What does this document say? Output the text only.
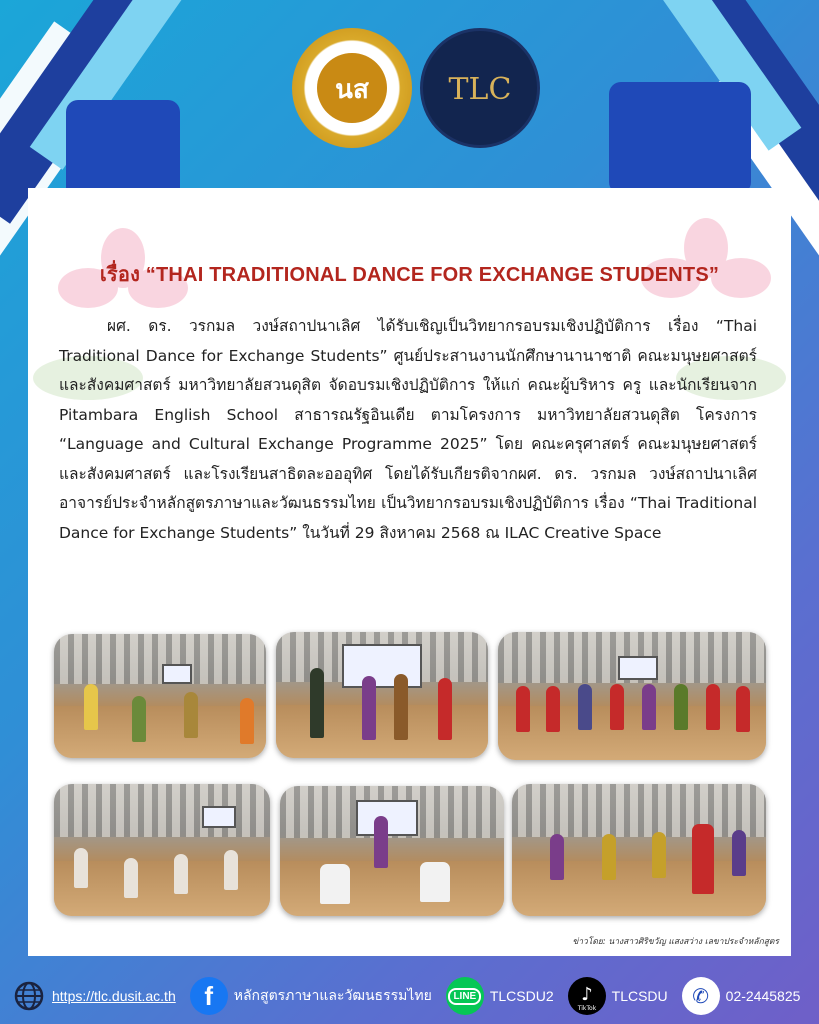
เรื่อง “THAI TRADITIONAL DANCE FOR EXCHANGE STUDENTS”
ผศ. ดร. วรกมล วงษ์สถาปนาเลิศ ได้รับเชิญเป็นวิทยากรอบรมเชิงปฏิบัติการ เรื่อง “Thai Traditional Dance for Exchange Students” ศูนย์ประสานงานนักศึกษานานาชาติ คณะมนุษยศาสตร์และสังคมศาสตร์ มหาวิทยาลัยสวนดุสิต จัดอบรมเชิงปฏิบัติการ ให้แก่ คณะผู้บริหาร ครู และนักเรียนจาก Pitambara English School สาธารณรัฐอินเดีย ตามโครงการ มหาวิทยาลัยสวนดุสิต โครงการ “Language and Cultural Exchange Programme 2025” โดย คณะครุศาสตร์ คณะมนุษยศาสตร์และสังคมศาสตร์ และโรงเรียนสาธิตละอออุทิศ โดยได้รับเกียรติจากผศ. ดร. วรกมล วงษ์สถาปนาเลิศ อาจารย์ประจำหลักสูตรภาษาและวัฒนธรรมไทย เป็นวิทยากรอบรมเชิงปฏิบัติการ เรื่อง “Thai Traditional Dance for Exchange Students” ในวันที่ 29 สิงหาคม 2568 ณ ILAC Creative Space
ข่าวโดย: นางสาวศิริขวัญ แสงสว่าง เลขาประจำหลักสูตร
นส	TLC
https://tlc.dusit.ac.th f หลักสูตรภาษาและวัฒนธรรมไทย	LINE TLCSDU2 ♪
TikTok
TLCSDU ✆ 02-2445825
